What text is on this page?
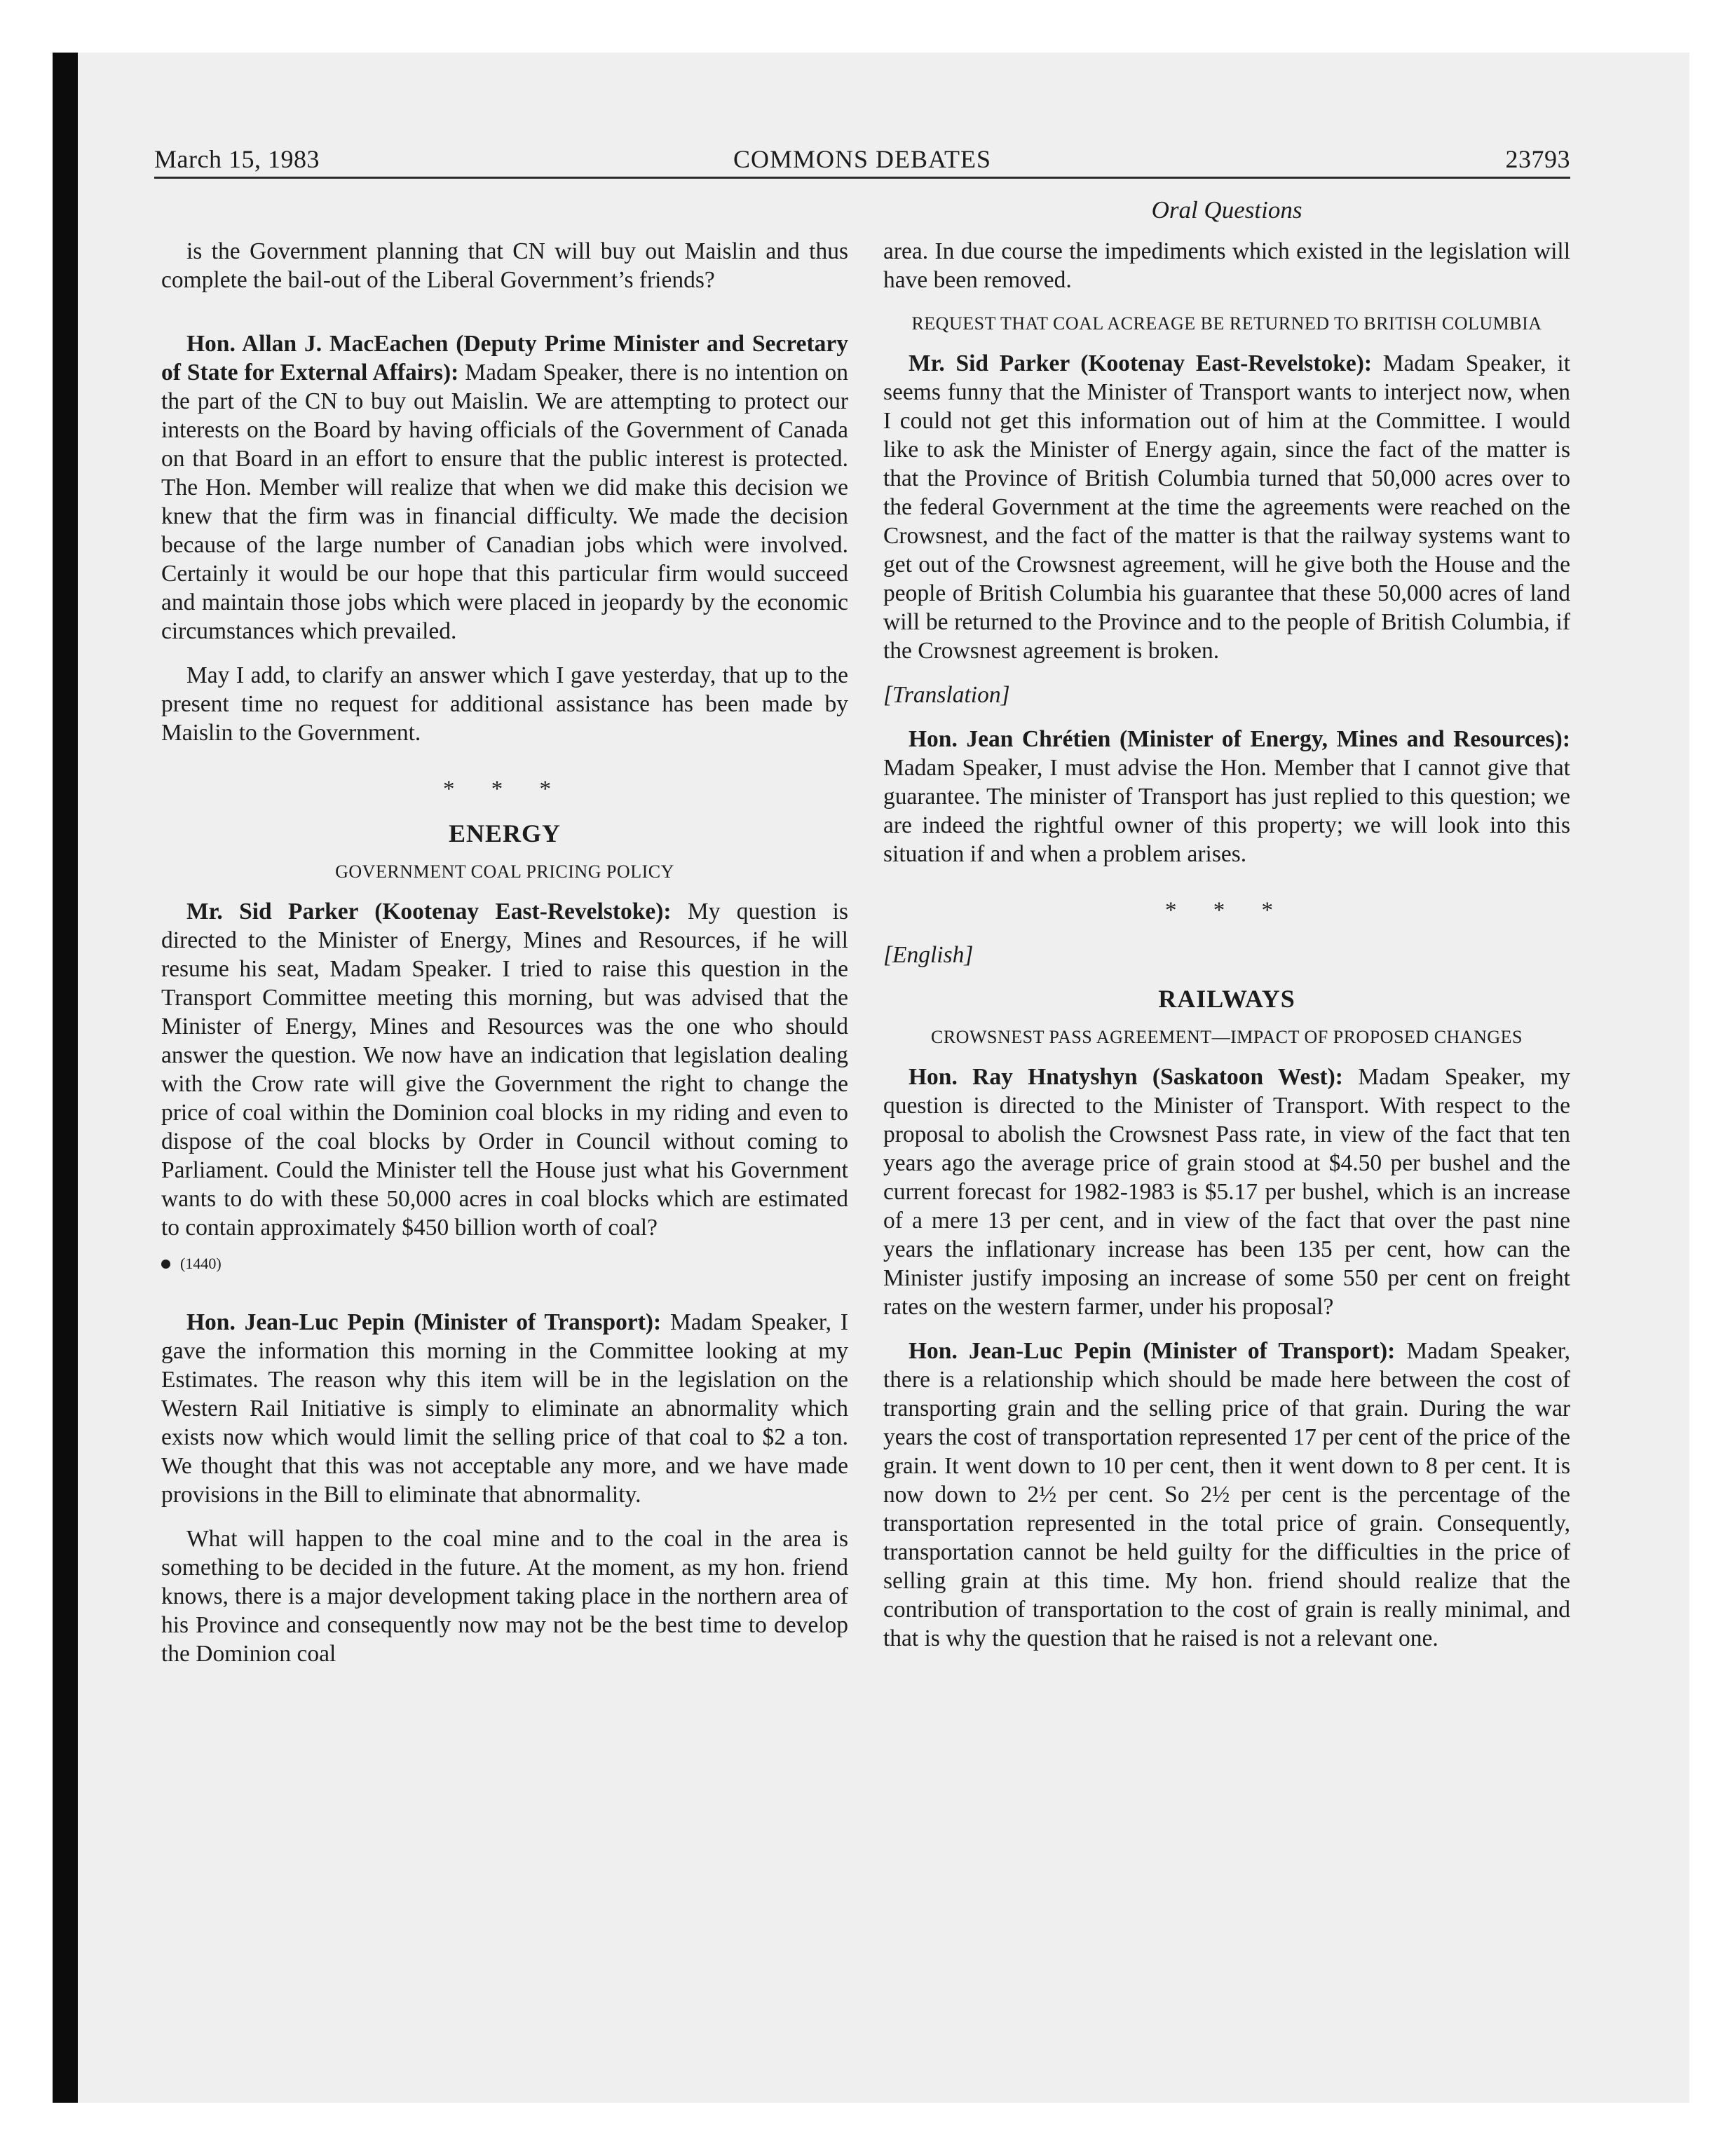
March 15, 1983	COMMONS DEBATES	23793
Oral Questions

is the Government planning that CN will buy out Maislin and thus complete the bail-out of the Liberal Government’s friends?

Hon. Allan J. MacEachen (Deputy Prime Minister and Secretary of State for External Affairs): Madam Speaker, there is no intention on the part of the CN to buy out Maislin. We are attempting to protect our interests on the Board by having officials of the Government of Canada on that Board in an effort to ensure that the public interest is protected. The Hon. Member will realize that when we did make this decision we knew that the firm was in financial difficulty. We made the decision because of the large number of Canadian jobs which were involved. Certainly it would be our hope that this particular firm would succeed and maintain those jobs which were placed in jeopardy by the economic circumstances which prevailed.

May I add, to clarify an answer which I gave yesterday, that up to the present time no request for additional assistance has been made by Maislin to the Government.

* * *
ENERGY
GOVERNMENT COAL PRICING POLICY

Mr. Sid Parker (Kootenay East-Revelstoke): My question is directed to the Minister of Energy, Mines and Resources, if he will resume his seat, Madam Speaker. I tried to raise this question in the Transport Committee meeting this morning, but was advised that the Minister of Energy, Mines and Resources was the one who should answer the question. We now have an indication that legislation dealing with the Crow rate will give the Government the right to change the price of coal within the Dominion coal blocks in my riding and even to dispose of the coal blocks by Order in Council without coming to Parliament. Could the Minister tell the House just what his Government wants to do with these 50,000 acres in coal blocks which are estimated to contain approximately $450 billion worth of coal?

(1440)

Hon. Jean-Luc Pepin (Minister of Transport): Madam Speaker, I gave the information this morning in the Committee looking at my Estimates. The reason why this item will be in the legislation on the Western Rail Initiative is simply to eliminate an abnormality which exists now which would limit the selling price of that coal to $2 a ton. We thought that this was not acceptable any more, and we have made provisions in the Bill to eliminate that abnormality.

What will happen to the coal mine and to the coal in the area is something to be decided in the future. At the moment, as my hon. friend knows, there is a major development taking place in the northern area of his Province and consequently now may not be the best time to develop the Dominion coal

area. In due course the impediments which existed in the legislation will have been removed.

REQUEST THAT COAL ACREAGE BE RETURNED TO BRITISH COLUMBIA

Mr. Sid Parker (Kootenay East-Revelstoke): Madam Speaker, it seems funny that the Minister of Transport wants to interject now, when I could not get this information out of him at the Committee. I would like to ask the Minister of Energy again, since the fact of the matter is that the Province of British Columbia turned that 50,000 acres over to the federal Government at the time the agreements were reached on the Crowsnest, and the fact of the matter is that the railway systems want to get out of the Crowsnest agreement, will he give both the House and the people of British Columbia his guarantee that these 50,000 acres of land will be returned to the Province and to the people of British Columbia, if the Crowsnest agreement is broken.

[Translation]

Hon. Jean Chrétien (Minister of Energy, Mines and Resources): Madam Speaker, I must advise the Hon. Member that I cannot give that guarantee. The minister of Transport has just replied to this question; we are indeed the rightful owner of this property; we will look into this situation if and when a problem arises.

* * *

[English]

RAILWAYS
CROWSNEST PASS AGREEMENT—IMPACT OF PROPOSED CHANGES

Hon. Ray Hnatyshyn (Saskatoon West): Madam Speaker, my question is directed to the Minister of Transport. With respect to the proposal to abolish the Crowsnest Pass rate, in view of the fact that ten years ago the average price of grain stood at $4.50 per bushel and the current forecast for 1982-1983 is $5.17 per bushel, which is an increase of a mere 13 per cent, and in view of the fact that over the past nine years the inflationary increase has been 135 per cent, how can the Minister justify imposing an increase of some 550 per cent on freight rates on the western farmer, under his proposal?

Hon. Jean-Luc Pepin (Minister of Transport): Madam Speaker, there is a relationship which should be made here between the cost of transporting grain and the selling price of that grain. During the war years the cost of transportation represented 17 per cent of the price of the grain. It went down to 10 per cent, then it went down to 8 per cent. It is now down to 2½ per cent. So 2½ per cent is the percentage of the transportation represented in the total price of grain. Consequently, transportation cannot be held guilty for the difficulties in the price of selling grain at this time. My hon. friend should realize that the contribution of transportation to the cost of grain is really minimal, and that is why the question that he raised is not a relevant one.
